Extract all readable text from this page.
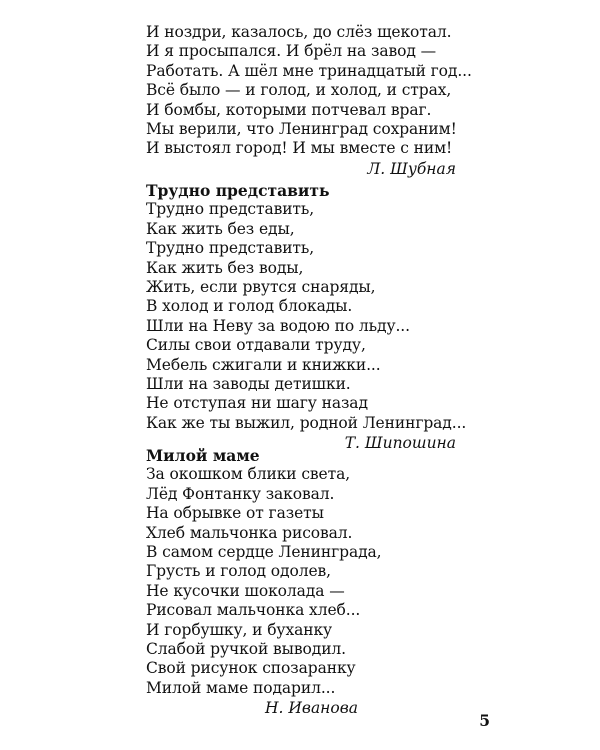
И ноздри, казалось, до слёз щекотал.
И я просыпался. И брёл на завод —
Работать. А шёл мне тринадцатый год...
Всё было — и голод, и холод, и страх,
И бомбы, которыми потчевал враг.
Мы верили, что Ленинград сохраним!
И выстоял город! И мы вместе с ним!
Л. Шубная
Трудно представить
Трудно представить,
Как жить без еды,
Трудно представить,
Как жить без воды,
Жить, если рвутся снаряды,
В холод и голод блокады.
Шли на Неву за водою по льду...
Силы свои отдавали труду,
Мебель сжигали и книжки...
Шли на заводы детишки.
Не отступая ни шагу назад
Как же ты выжил, родной Ленинград...
Т. Шипошина
Милой маме
За окошком блики света,
Лёд Фонтанку заковал.
На обрывке от газеты
Хлеб мальчонка рисовал.
В самом сердце Ленинграда,
Грусть и голод одолев,
Не кусочки шоколада —
Рисовал мальчонка хлеб...
И горбушку, и буханку
Слабой ручкой выводил.
Свой рисунок спозаранку
Милой маме подарил...
Н. Иванова
5
